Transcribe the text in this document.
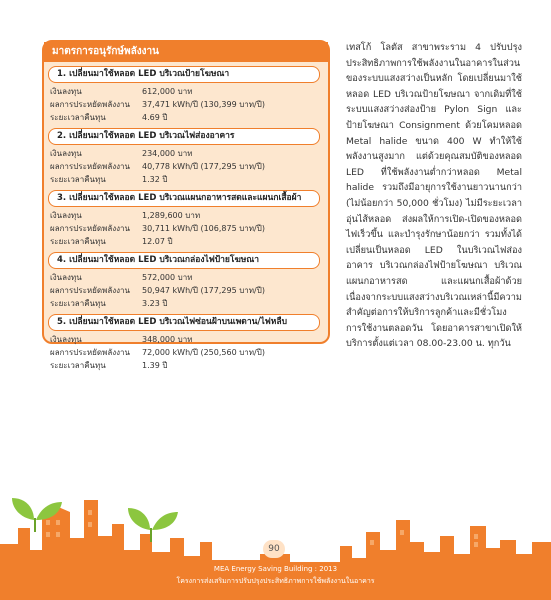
มาตรการอนุรักษ์พลังงาน
1. เปลี่ยนมาใช้หลอด LED บริเวณป้ายโฆษณา
เงินลงทุน	612,000 บาท
ผลการประหยัดพลังงาน	37,471 kWh/ปี (130,399 บาท/ปี)
ระยะเวลาคืนทุน	4.69 ปี
2. เปลี่ยนมาใช้หลอด LED บริเวณไฟส่องอาคาร
เงินลงทุน	234,000 บาท
ผลการประหยัดพลังงาน	40,778 kWh/ปี (177,295 บาท/ปี)
ระยะเวลาคืนทุน	1.32 ปี
3. เปลี่ยนมาใช้หลอด LED บริเวณแผนกอาหารสดและแผนกเสื้อผ้า
เงินลงทุน	1,289,600 บาท
ผลการประหยัดพลังงาน	30,711 kWh/ปี (106,875 บาท/ปี)
ระยะเวลาคืนทุน	12.07 ปี
4. เปลี่ยนมาใช้หลอด LED บริเวณกล่องไฟป้ายโฆษณา
เงินลงทุน	572,000 บาท
ผลการประหยัดพลังงาน	50,947 kWh/ปี (177,295 บาท/ปี)
ระยะเวลาคืนทุน	3.23 ปี
5. เปลี่ยนมาใช้หลอด LED บริเวณไฟซ่อนฝ้าบนเพดาน/ไฟหลืบ
เงินลงทุน	348,000 บาท
ผลการประหยัดพลังงาน	72,000 kWh/ปี (250,560 บาท/ปี)
ระยะเวลาคืนทุน	1.39 ปี
เทสโก้ โลตัส สาขาพระราม 4 ปรับปรุงประสิทธิภาพการใช้พลังงานในอาคารในส่วนของระบบแสงสว่างเป็นหลัก โดยเปลี่ยนมาใช้หลอด LED บริเวณป้ายโฆษณา จากเดิมที่ใช้ระบบแสงสว่างส่องป้าย Pylon Sign และป้ายโฆษณา Consignment ด้วยโคมหลอด Metal halide ขนาด 400 W ทำให้ใช้พลังงานสูงมาก แต่ด้วยคุณสมบัติของหลอด LED ที่ใช้พลังงานต่ำกว่าหลอด Metal halide รวมถึงมีอายุการใช้งานยาวนานกว่า (ไม่น้อยกว่า 50,000 ชั่วโมง) ไม่มีระยะเวลาอุ่นไส้หลอด ส่งผลให้การเปิด-เปิดของหลอดไฟเร็วขึ้น และบำรุงรักษาน้อยกว่า รวมทั้งได้เปลี่ยนเป็นหลอด LED ในบริเวณไฟส่องอาคาร บริเวณกล่องไฟป้ายโฆษณา บริเวณแผนกอาหารสด และแผนกเสื้อผ้าด้วย เนื่องจากระบบแสงสว่างบริเวณเหล่านี้มีความสำคัญต่อการให้บริการลูกค้าและมีชั่วโมงการใช้งานตลอดวัน โดยอาคารสาขาเปิดให้บริการตั้งแต่เวลา 08.00-23.00 น. ทุกวัน
90
MEA Energy Saving Building : 2013
โครงการส่งเสริมการปรับปรุงประสิทธิภาพการใช้พลังงานในอาคาร
